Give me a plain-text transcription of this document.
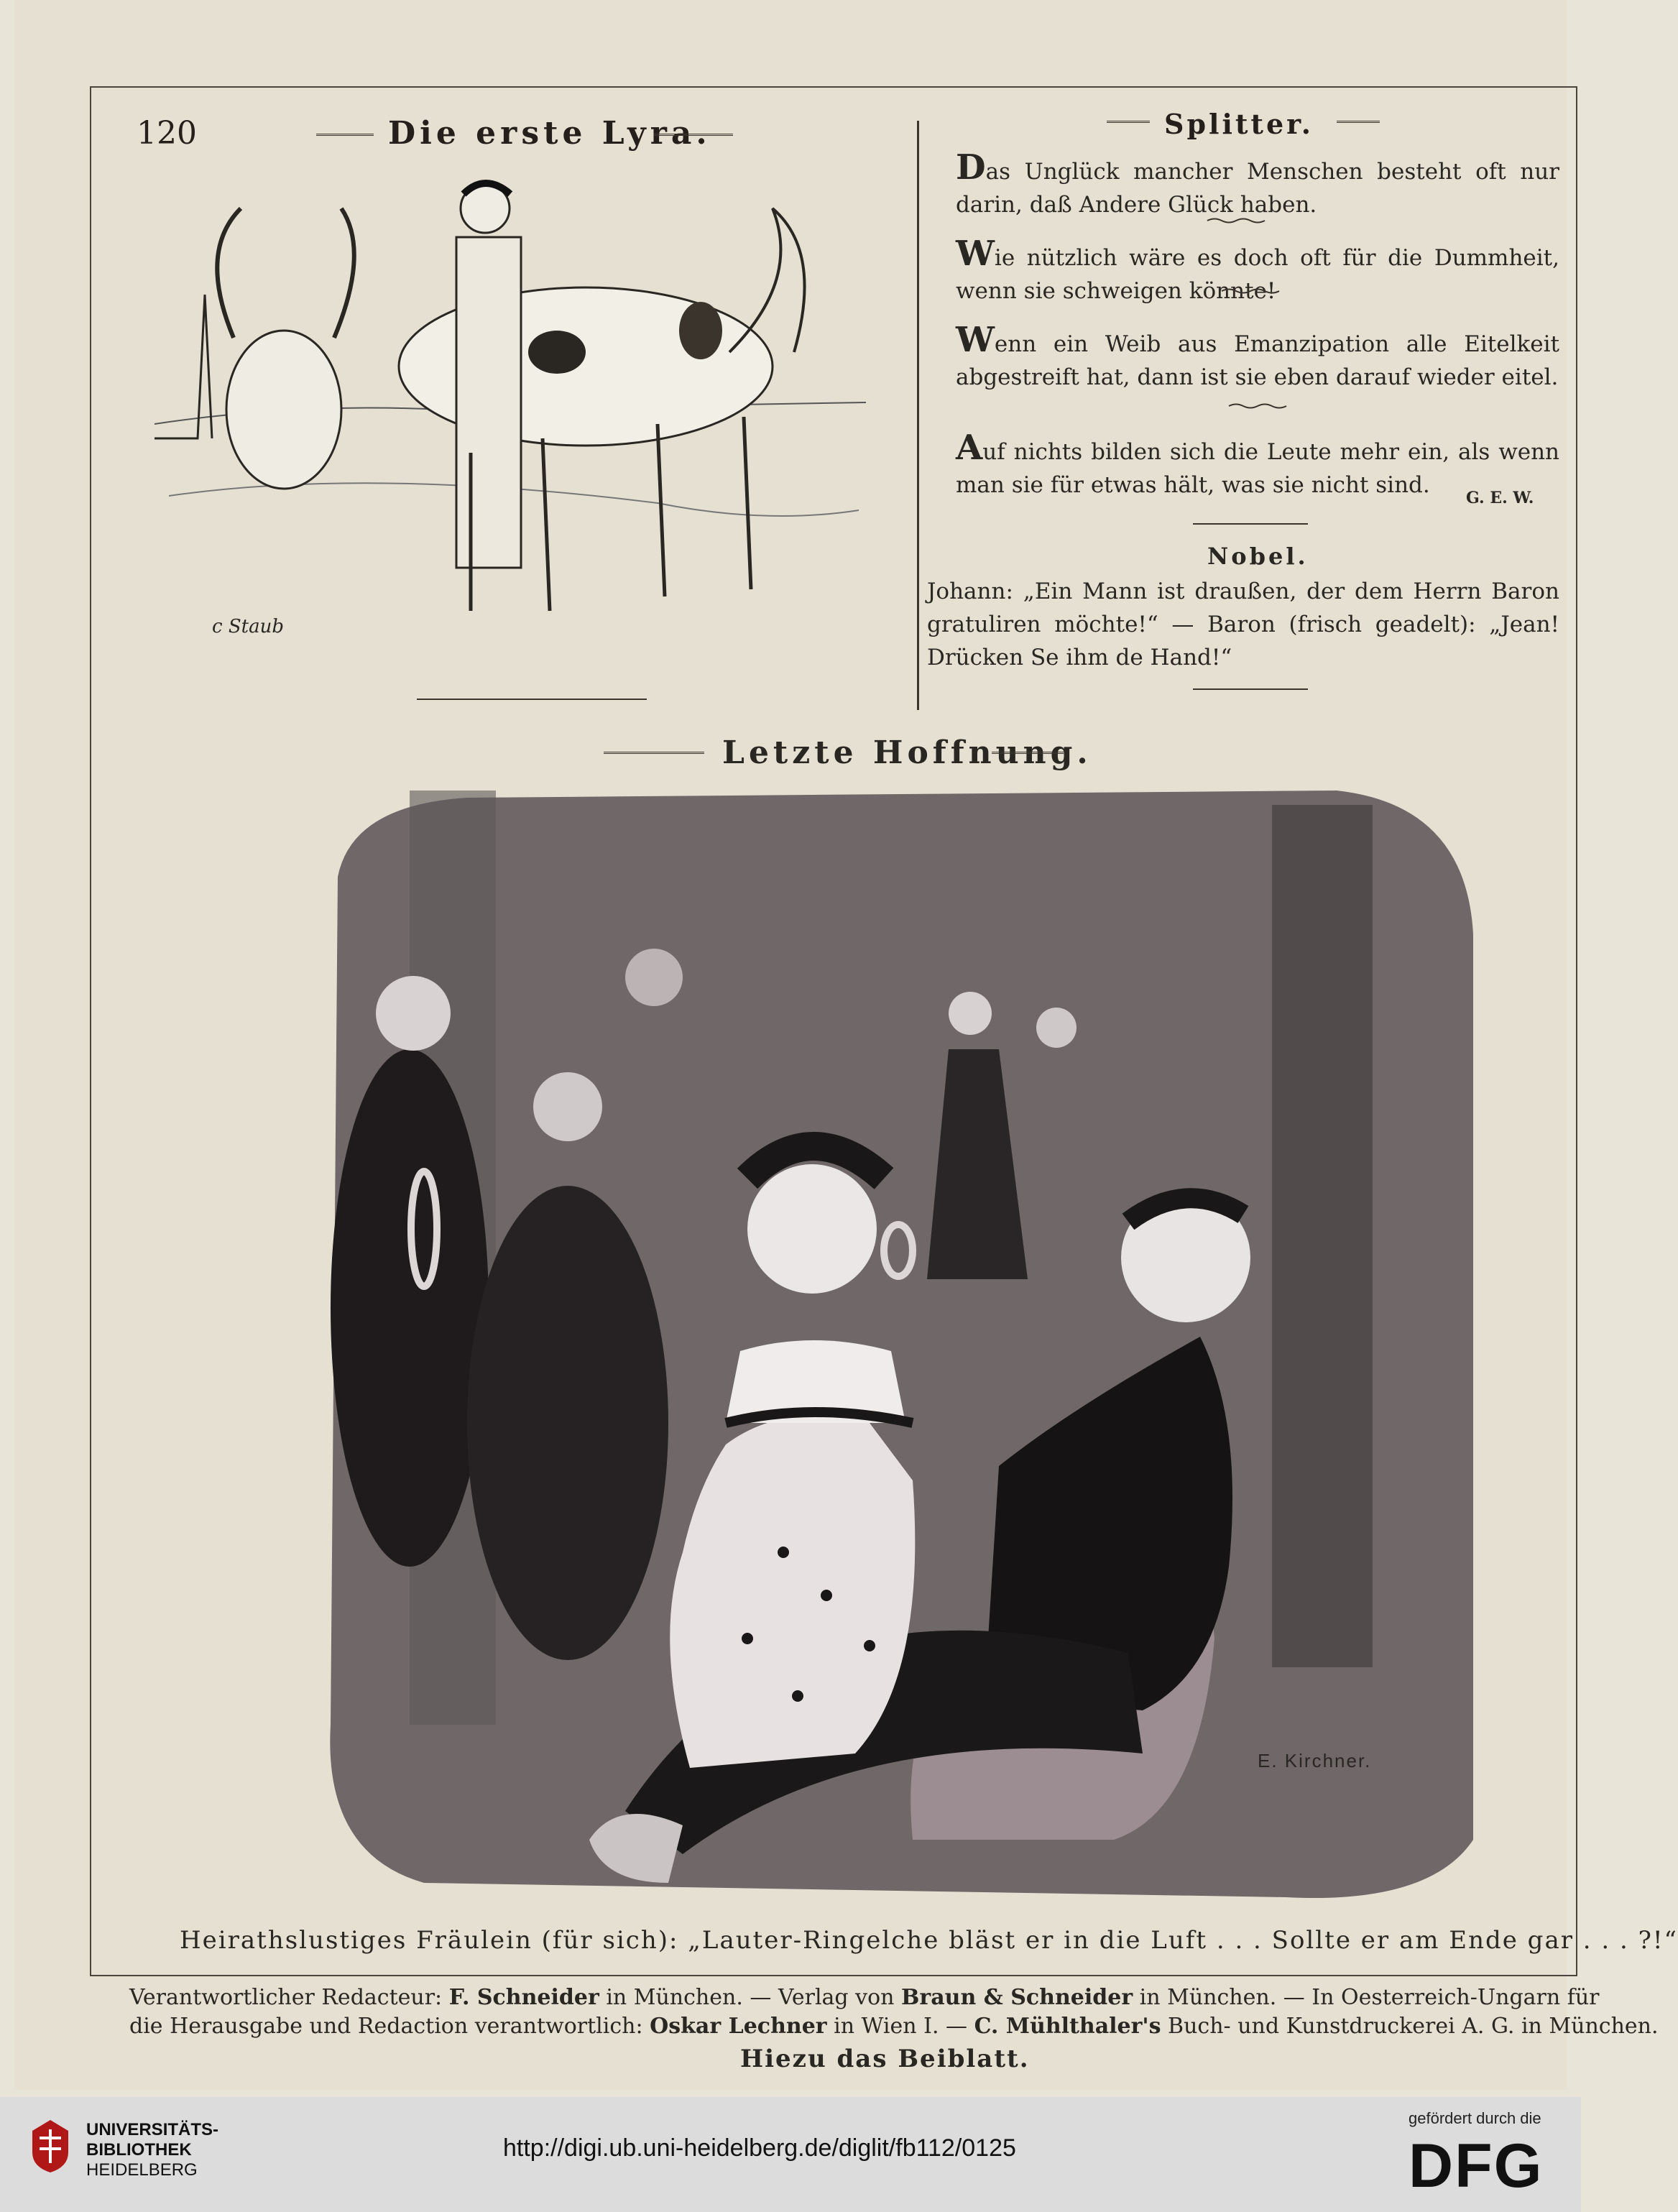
120	Die erste Lyra.
c Staub
Splitter.

Das Unglück mancher Menschen besteht oft nur darin, daß Andere Glück haben.

Wie nützlich wäre es doch oft für die Dummheit, wenn sie schweigen könnte!

Wenn ein Weib aus Emanzipation alle Eitelkeit abgestreift hat, dann ist sie eben darauf wieder eitel.

Auf nichts bilden sich die Leute mehr ein, als wenn man sie für etwas hält, was sie nicht sind.	G. E. W.
Nobel.
Johann: „Ein Mann ist draußen, der dem Herrn Baron gratuliren möchte!“ — Baron (frisch geadelt): „Jean! Drücken Se ihm de Hand!“
Letzte Hoffnung.
E. Kirchner.
Heirathslustiges Fräulein (für sich): „Lauter-Ringelche bläst er in die Luft . . . Sollte er am Ende gar . . . ?!“
Verantwortlicher Redacteur: F. Schneider in München. — Verlag von Braun & Schneider in München. — In Oesterreich-Ungarn für
die Herausgabe und Redaction verantwortlich: Oskar Lechner in Wien I. — C. Mühlthaler's Buch- und Kunstdruckerei A. G. in München.
Hiezu das Beiblatt.
UNIVERSITÄTS-
BIBLIOTHEK
HEIDELBERG
http://digi.ub.uni-heidelberg.de/diglit/fb112/0125
gefördert durch die
DFG
